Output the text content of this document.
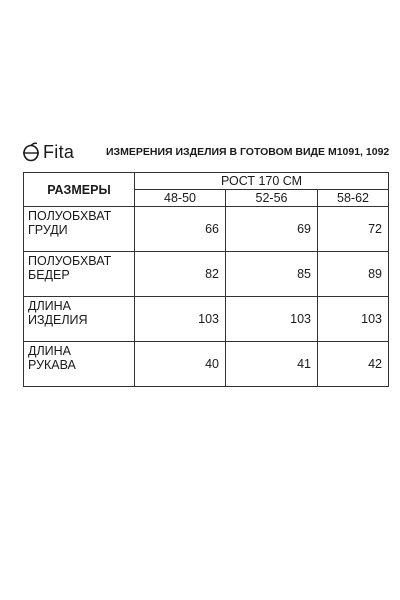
Fita	ИЗМЕРЕНИЯ ИЗДЕЛИЯ В ГОТОВОМ ВИДЕ М1091, 1092
РАЗМЕРЫ	РОСТ 170 СМ		
	48-50	52-56	58-62
ПОЛУОБХВАТ
ГРУДИ	66	69	72
ПОЛУОБХВАТ
БЕДЕР	82	85	89
ДЛИНА
ИЗДЕЛИЯ	103	103	103
ДЛИНА
РУКАВА	40	41	42
